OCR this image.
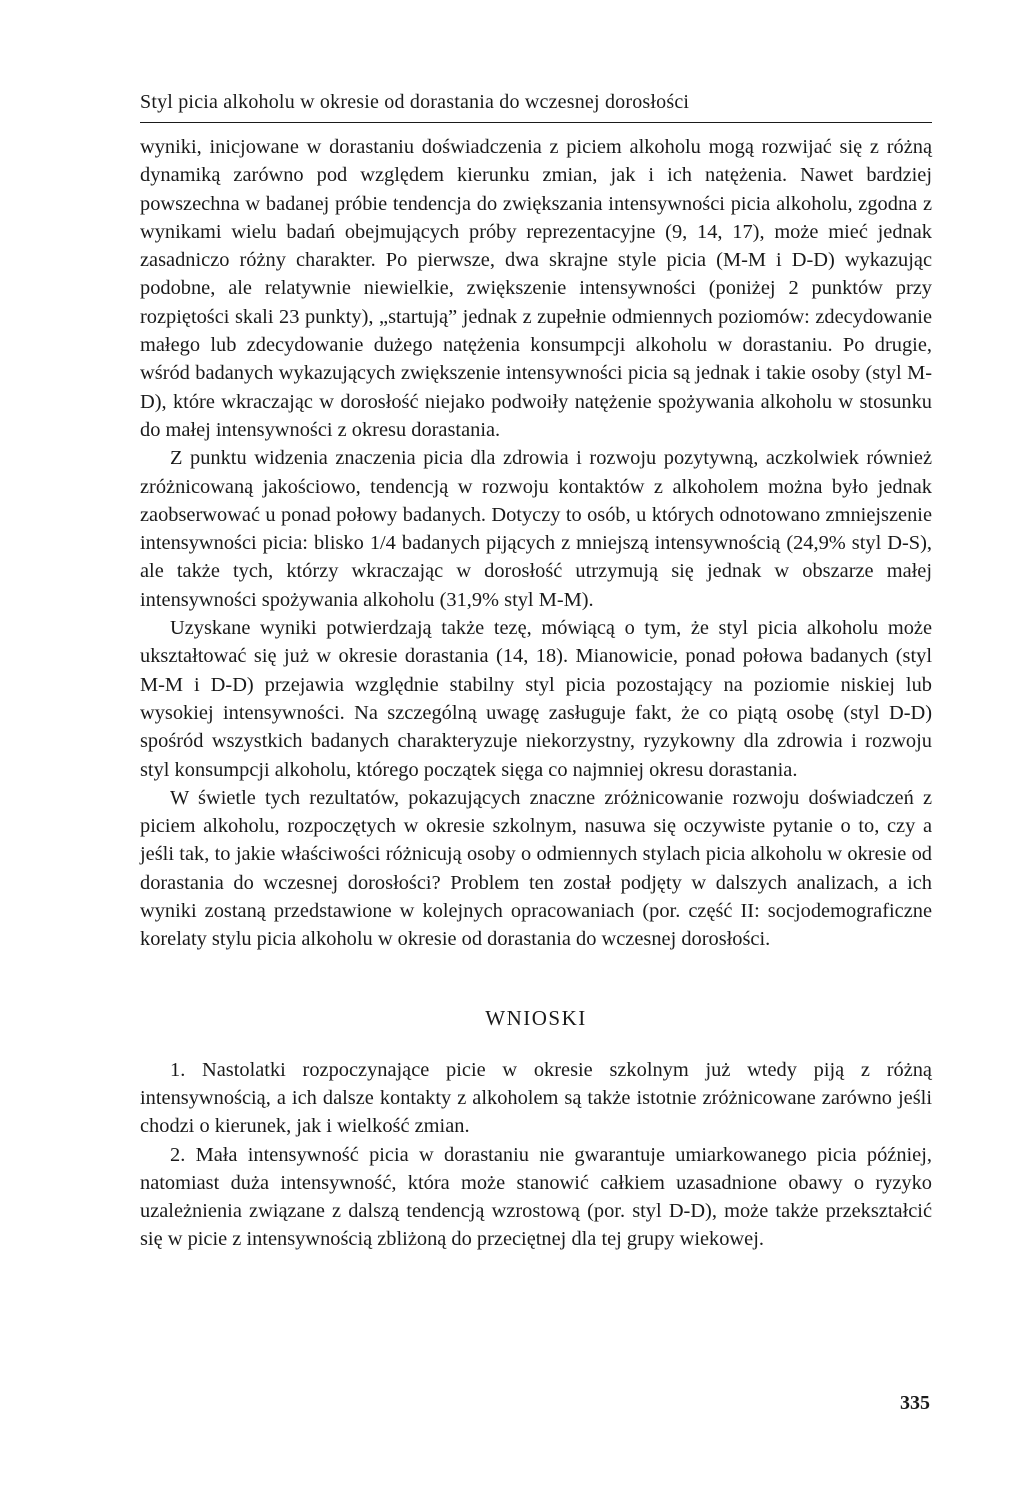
Styl picia alkoholu w okresie od dorastania do wczesnej dorosłości

wyniki, inicjowane w dorastaniu doświadczenia z piciem alkoholu mogą rozwijać się z różną dynamiką zarówno pod względem kierunku zmian, jak i ich natężenia. Nawet bardziej powszechna w badanej próbie tendencja do zwiększania intensywności picia alkoholu, zgodna z wynikami wielu badań obejmujących próby reprezentacyjne (9, 14, 17), może mieć jednak zasadniczo różny charakter. Po pierwsze, dwa skrajne style picia (M-M i D-D) wykazując podobne, ale relatywnie niewielkie, zwiększenie intensywności (poniżej 2 punktów przy rozpiętości skali 23 punkty), „startują” jednak z zupełnie odmiennych poziomów: zdecydowanie małego lub zdecydowanie dużego natężenia konsumpcji alkoholu w dorastaniu. Po drugie, wśród badanych wykazujących zwiększenie intensywności picia są jednak i takie osoby (styl M-D), które wkraczając w dorosłość niejako podwoiły natężenie spożywania alkoholu w stosunku do małej intensywności z okresu dorastania.

Z punktu widzenia znaczenia picia dla zdrowia i rozwoju pozytywną, aczkolwiek również zróżnicowaną jakościowo, tendencją w rozwoju kontaktów z alkoholem można było jednak zaobserwować u ponad połowy badanych. Dotyczy to osób, u których odnotowano zmniejszenie intensywności picia: blisko 1/4 badanych pijących z mniejszą intensywnością (24,9% styl D-S), ale także tych, którzy wkraczając w dorosłość utrzymują się jednak w obszarze małej intensywności spożywania alkoholu (31,9% styl M-M).

Uzyskane wyniki potwierdzają także tezę, mówiącą o tym, że styl picia alkoholu może ukształtować się już w okresie dorastania (14, 18). Mianowicie, ponad połowa badanych (styl M-M i D-D) przejawia względnie stabilny styl picia pozostający na poziomie niskiej lub wysokiej intensywności. Na szczególną uwagę zasługuje fakt, że co piątą osobę (styl D-D) spośród wszystkich badanych charakteryzuje niekorzystny, ryzykowny dla zdrowia i rozwoju styl konsumpcji alkoholu, którego początek sięga co najmniej okresu dorastania.

W świetle tych rezultatów, pokazujących znaczne zróżnicowanie rozwoju doświadczeń z piciem alkoholu, rozpoczętych w okresie szkolnym, nasuwa się oczywiste pytanie o to, czy a jeśli tak, to jakie właściwości różnicują osoby o odmiennych stylach picia alkoholu w okresie od dorastania do wczesnej dorosłości? Problem ten został podjęty w dalszych analizach, a ich wyniki zostaną przedstawione w kolejnych opracowaniach (por. część II: socjodemograficzne korelaty stylu picia alkoholu w okresie od dorastania do wczesnej dorosłości.

WNIOSKI

1. Nastolatki rozpoczynające picie w okresie szkolnym już wtedy piją z różną intensywnością, a ich dalsze kontakty z alkoholem są także istotnie zróżnicowane zarówno jeśli chodzi o kierunek, jak i wielkość zmian.

2. Mała intensywność picia w dorastaniu nie gwarantuje umiarkowanego picia później, natomiast duża intensywność, która może stanowić całkiem uzasadnione obawy o ryzyko uzależnienia związane z dalszą tendencją wzrostową (por. styl D-D), może także przekształcić się w picie z intensywnością zbliżoną do przeciętnej dla tej grupy wiekowej.

335
